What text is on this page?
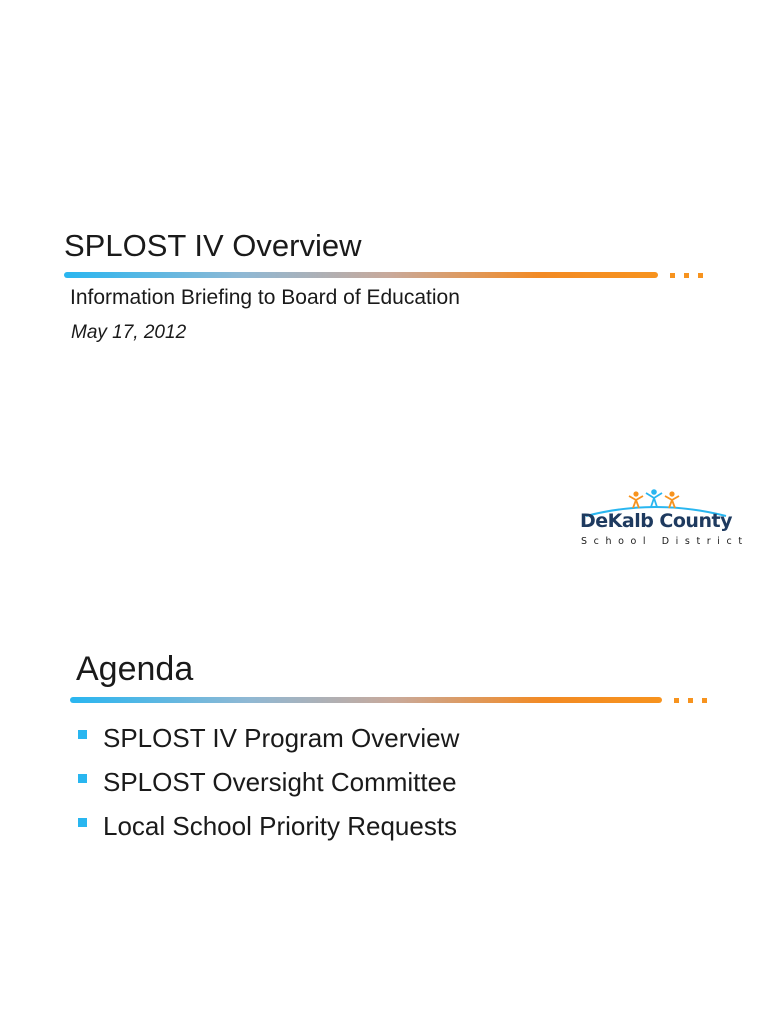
SPLOST IV Overview

Information Briefing to Board of Education

May 17, 2012

DeKalb County
School District
Agenda
SPLOST IV Program Overview
SPLOST Oversight Committee
Local School Priority Requests
